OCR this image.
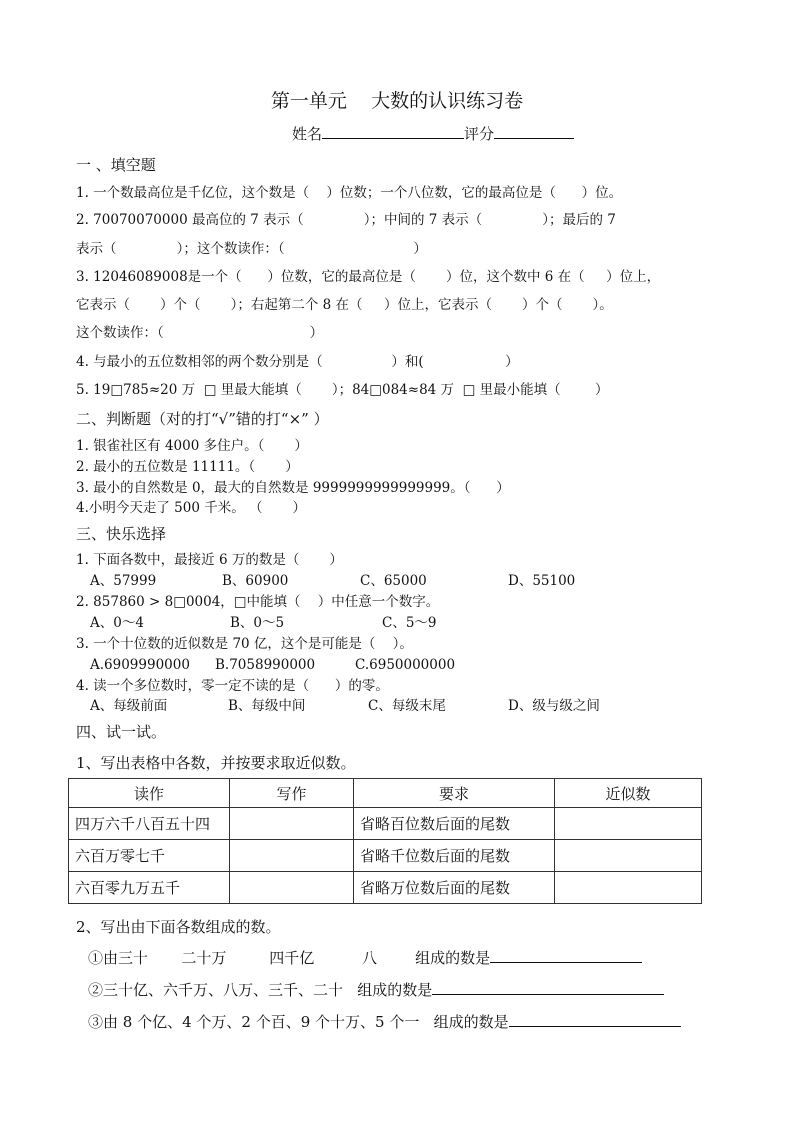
第一单元    大数的认识练习卷
姓名	评分
一 、填空题
1. 一个数最高位是千亿位，这个数是（    ）位数；一个八位数，它的最高位是（      ）位。
2. 70070070000 最高位的 7 表示（              ）；中间的 7 表示（              ）；最后的 7
表示（              ）；这个数读作：（                              ）
3. 12046089008是一个（      ）位数，它的最高位是（       ）位，这个数中 6 在（     ）位上，
它表示（       ）个（       ）；右起第二个 8 在（     ）位上，它表示（       ）个（       ）。
这个数读作：（                                  ）
4. 与最小的五位数相邻的两个数分别是（                ）和(                   ）
5. 19□785≈20 万  □ 里最大能填（       ）；84□084≈84 万  □ 里最小能填（        ）
二、判断题（对的打“√”错的打“×” ）
1. 银雀社区有 4000 多住户。（       ）
2. 最小的五位数是 11111。（       ）
3. 最小的自然数是 0，最大的自然数是 9999999999999999。（      ）
4.小明今天走了 500 千米。 （       ）
三、快乐选择
1. 下面各数中，最接近 6 万的数是（       ）
A、57999	B、60900	C、65000	D、55100
2. 857860 > 8□0004，□中能填（    ）中任意一个数字。
A、0～4	B、0～5	C、5～9
3. 一个十位数的近似数是 70 亿，这个是可能是（    ）。
A.6909990000 B.7058990000	C.6950000000
4. 读一个多位数时，零一定不读的是（      ）的零。
A、每级前面	B、每级中间	C、每级末尾	D、级与级之间
四、试一试。
1、写出表格中各数，并按要求取近似数。
读作	写作	要求	近似数
四万六千八百五十四		省略百位数后面的尾数	
六百万零七千		省略千位数后面的尾数	
六百零九万五千		省略万位数后面的尾数	
2、写出由下面各数组成的数。
①由三十       二十万         四千亿          八        组成的数是
②三十亿、六千万、八万、三千、二十   组成的数是
③由 8 个亿、4 个万、2 个百、9 个十万、5 个一   组成的数是
